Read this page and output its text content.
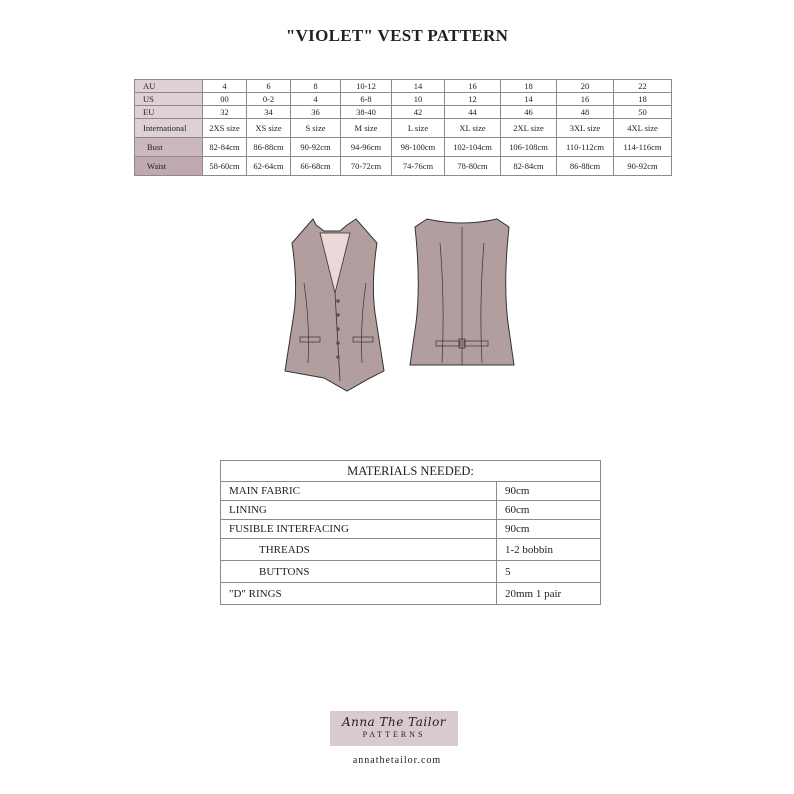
"VIOLET" VEST PATTERN
AU	4	6	8	10-12	14	16	18	20	22
US	00	0-2	4	6-8	10	12	14	16	18
EU	32	34	36	38-40	42	44	46	48	50
International	2XS size	XS size	S size	M size	L size	XL size	2XL size	3XL size	4XL size
Bust	82-84cm	86-88cm	90-92cm	94-96cm	98-100cm	102-104cm	106-108cm	110-112cm	114-116cm
Waist	58-60cm	62-64cm	66-68cm	70-72cm	74-76cm	78-80cm	82-84cm	86-88cm	90-92cm
MATERIALS NEEDED:	
MAIN FABRIC	90cm
LINING	60cm
FUSIBLE INTERFACING	90cm
THREADS	1-2 bobbin
BUTTONS	5
"D" RINGS	20mm 1 pair
Anna The Tailor
PATTERNS
annathetailor.com
